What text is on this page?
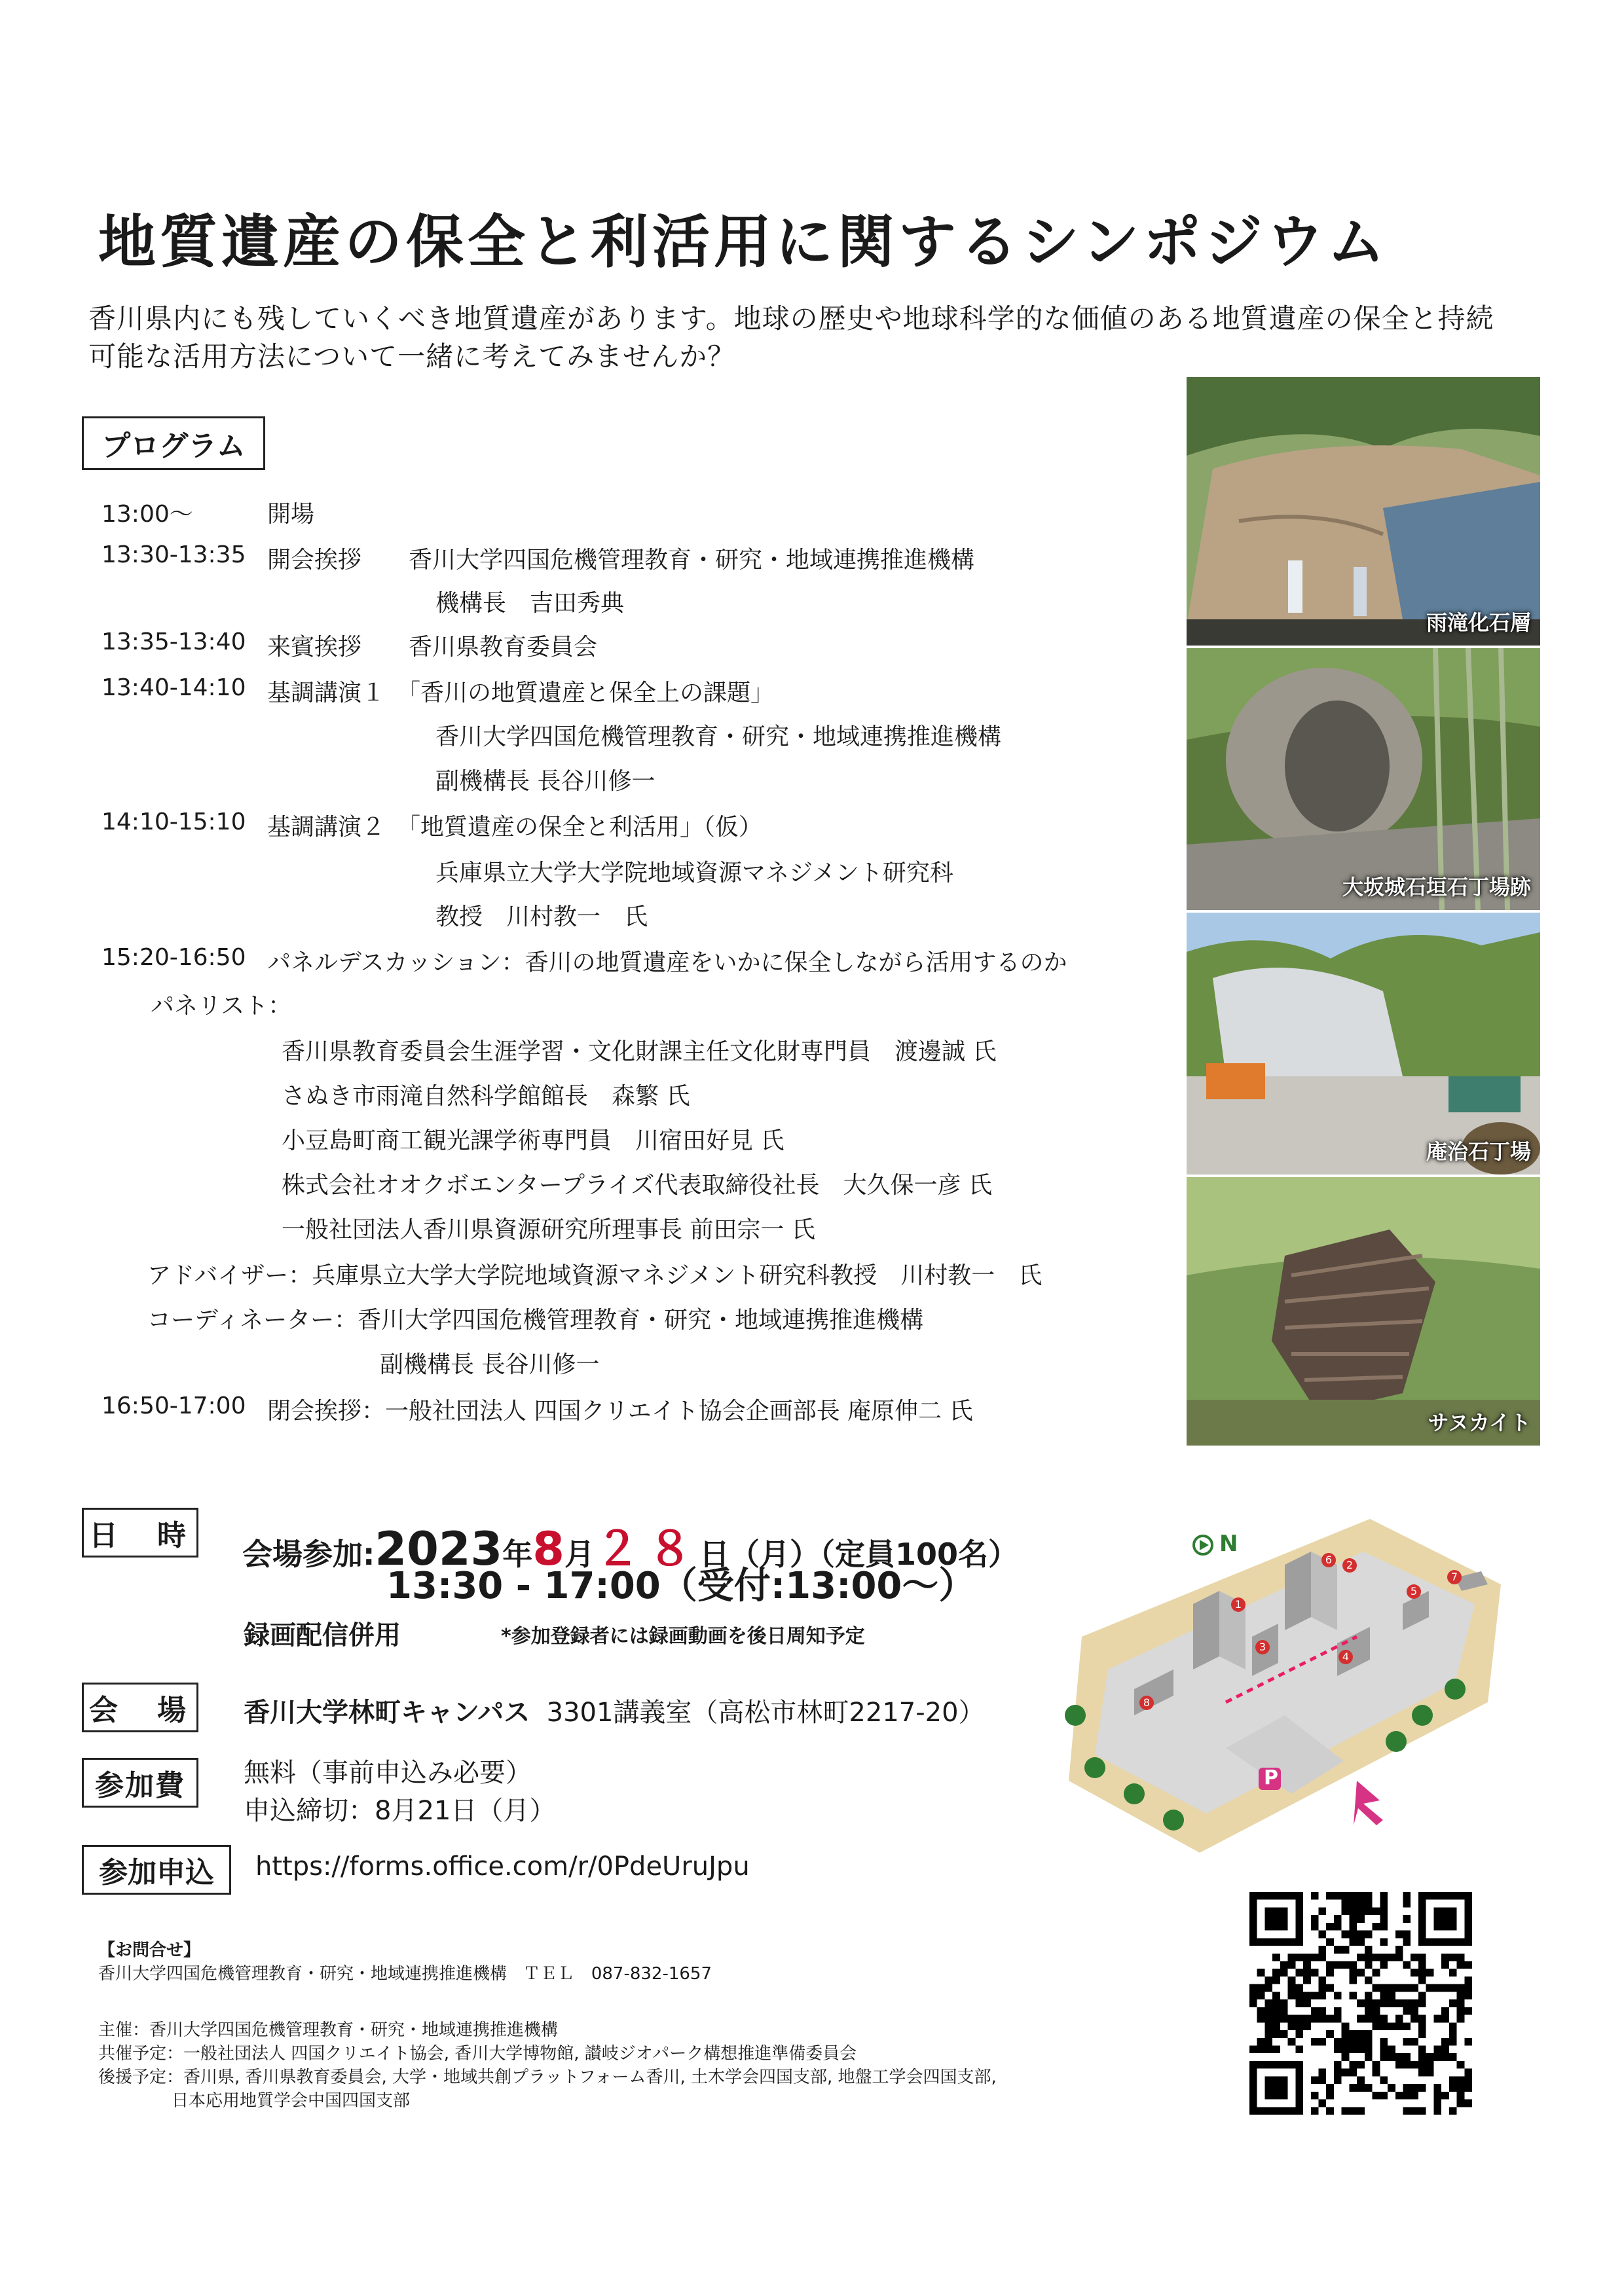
地質遺産の保全と利活用に関するシンポジウム
香川県内にも残していくべき地質遺産があります。地球の歴史や地球科学的な価値のある地質遺産の保全と持続
可能な活用方法について一緒に考えてみませんか？
プログラム
13:00～	開場
13:30-13:35 開会挨拶　　香川大学四国危機管理教育・研究・地域連携推進機構
機構長　吉田秀典
13:35-13:40 来賓挨拶　　香川県教育委員会
13:40-14:10 基調講演１　「香川の地質遺産と保全上の課題」
香川大学四国危機管理教育・研究・地域連携推進機構
副機構長 長谷川修一
14:10-15:10 基調講演２　「地質遺産の保全と利活用」（仮）
兵庫県立大学大学院地域資源マネジメント研究科
教授　川村教一　氏
15:20-16:50 パネルデスカッション：香川の地質遺産をいかに保全しながら活用するのか
パネリスト：
香川県教育委員会生涯学習・文化財課主任文化財専門員　渡邊誠 氏
さぬき市雨滝自然科学館館長　森繁 氏
小豆島町商工観光課学術専門員　川宿田好見 氏
株式会社オオクボエンタープライズ代表取締役社長　大久保一彦 氏
一般社団法人香川県資源研究所理事長 前田宗一 氏
アドバイザー：兵庫県立大学大学院地域資源マネジメント研究科教授　川村教一　氏
コーディネーター：香川大学四国危機管理教育・研究・地域連携推進機構
副機構長 長谷川修一
16:50-17:00 閉会挨拶：一般社団法人 四国クリエイト協会企画部長 庵原伸二 氏
雨滝化石層
大坂城石垣石丁場跡
庵治石丁場
サヌカイト
日　時
会場参加:2023年8月２８日（月）（定員100名）
13:30 - 17:00（受付:13:00～）
録画配信併用	*参加登録者には録画動画を後日周知予定
会　場 香川大学林町キャンパス 3301講義室（高松市林町2217-20）
参加費	無料（事前申込み必要）
申込締切：8月21日（月）
参加申込	https://forms.office.com/r/0PdeUruJpu
N
P
1
2
3
4
5
6
7
8
【お問合せ】
香川大学四国危機管理教育・研究・地域連携推進機構 ＴＥＬ　087-832-1657
主催：香川大学四国危機管理教育・研究・地域連携推進機構
共催予定：一般社団法人 四国クリエイト協会, 香川大学博物館, 讃岐ジオパーク構想推進準備委員会
後援予定：香川県, 香川県教育委員会, 大学・地域共創プラットフォーム香川, 土木学会四国支部, 地盤工学会四国支部,
日本応用地質学会中国四国支部
